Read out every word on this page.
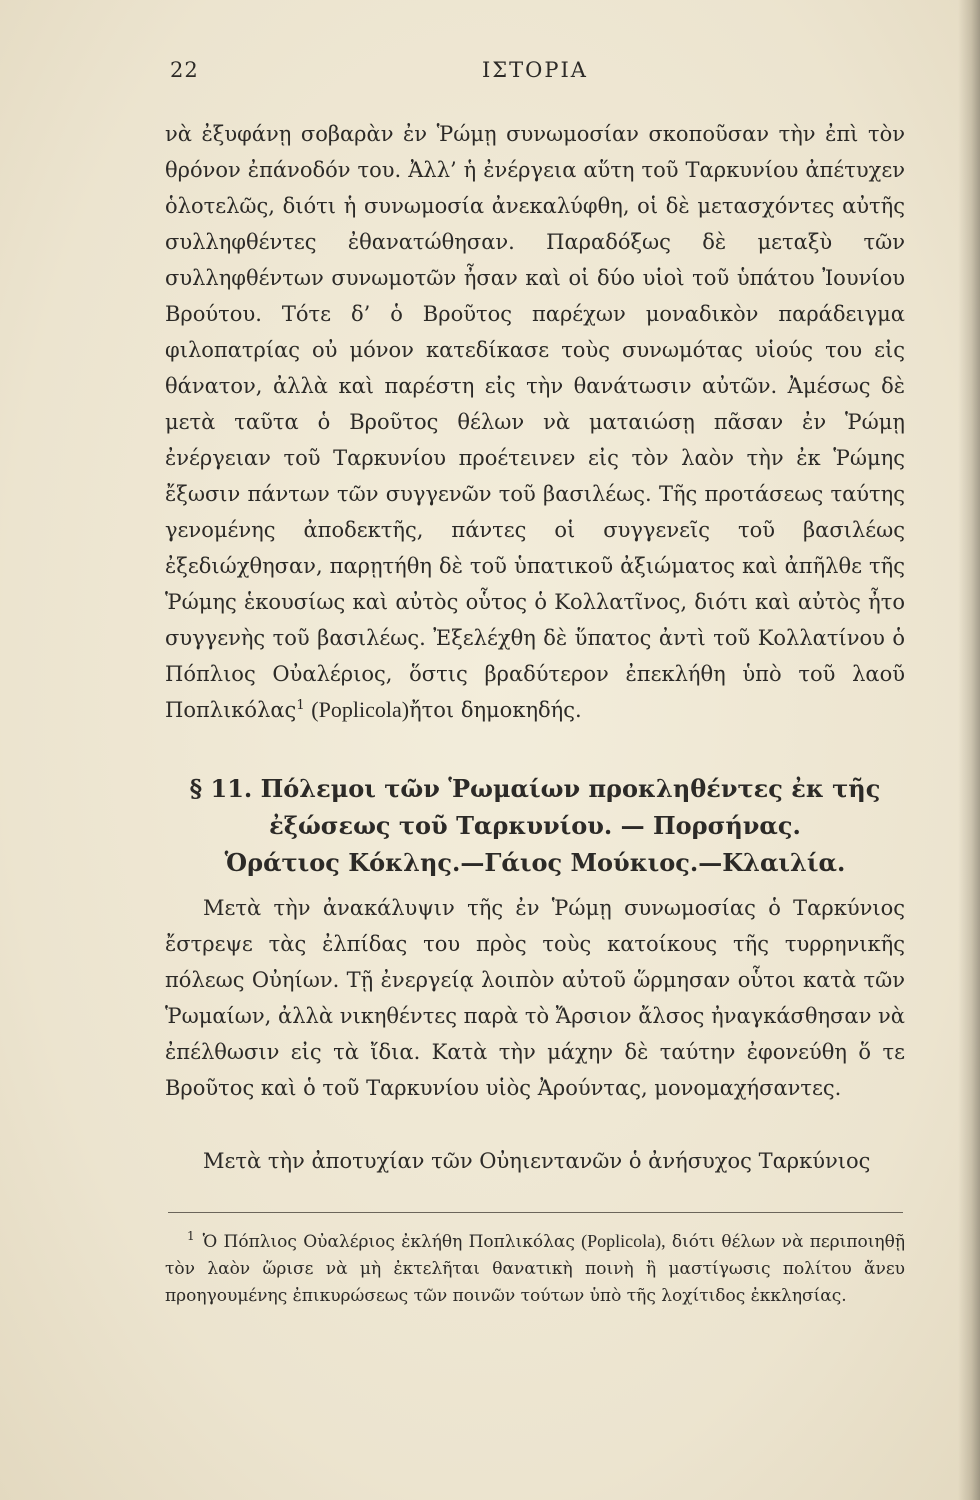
ΙΣΤΟΡΙΑ
22

νὰ ἐξυφάνῃ σοβαρὰν ἐν Ῥώμῃ συνωμοσίαν σκοποῦσαν τὴν ἐπὶ τὸν θρόνον ἐπάνοδόν του. Ἀλλ’ ἡ ἐνέργεια αὕτη τοῦ Ταρκυνίου ἀπέτυχεν ὁλοτελῶς, διότι ἡ συνωμοσία ἀνεκαλύφθη, οἱ δὲ μετασχόντες αὐτῆς συλληφθέντες ἐθανατώθησαν. Παραδόξως δὲ μεταξὺ τῶν συλληφθέντων συνωμοτῶν ἦσαν καὶ οἱ δύο υἱοὶ τοῦ ὑπάτου Ἰουνίου Βρούτου. Τότε δ’ ὁ Βροῦτος παρέχων μοναδικὸν παράδειγμα φιλοπατρίας οὐ μόνον κατεδίκασε τοὺς συνωμότας υἱούς του εἰς θάνατον, ἀλλὰ καὶ παρέστη εἰς τὴν θανάτωσιν αὐτῶν. Ἀμέσως δὲ μετὰ ταῦτα ὁ Βροῦτος θέλων νὰ ματαιώσῃ πᾶσαν ἐν Ῥώμῃ ἐνέργειαν τοῦ Ταρκυνίου προέτεινεν εἰς τὸν λαὸν τὴν ἐκ Ῥώμης ἔξωσιν πάντων τῶν συγγενῶν τοῦ βασιλέως. Τῆς προτάσεως ταύτης γενομένης ἀποδεκτῆς, πάντες οἱ συγγενεῖς τοῦ βασιλέως ἐξεδιώχθησαν, παρῃτήθη δὲ τοῦ ὑπατικοῦ ἀξιώματος καὶ ἀπῆλθε τῆς Ῥώμης ἑκουσίως καὶ αὐτὸς οὗτος ὁ Κολλατῖνος, διότι καὶ αὐτὸς ἦτο συγγενὴς τοῦ βασιλέως. Ἐξελέχθη δὲ ὕπατος ἀντὶ τοῦ Κολλατίνου ὁ Πόπλιος Οὐαλέριος, ὅστις βραδύτερον ἐπεκλήθη ὑπὸ τοῦ λαοῦ Ποπλικόλας$^1$ (Poplicola)ἤτοι δημοκηδής.

§ 11. Πόλεμοι τῶν Ῥωμαίων προκληθέντες ἐκ τῆς
ἐξώσεως τοῦ Ταρκυνίου. — Πορσήνας.
Ὁράτιος Κόκλης.—Γάιος Μούκιος.—Κλαιλία.

Μετὰ τὴν ἀνακάλυψιν τῆς ἐν Ῥώμῃ συνωμοσίας ὁ Ταρκύνιος ἔστρεψε τὰς ἐλπίδας του πρὸς τοὺς κατοίκους τῆς τυρρηνικῆς πόλεως Οὐηίων. Τῇ ἐνεργείᾳ λοιπὸν αὐτοῦ ὥρμησαν οὗτοι κατὰ τῶν Ῥωμαίων, ἀλλὰ νικηθέντες παρὰ τὸ Ἄρσιον ἄλσος ἠναγκάσθησαν νὰ ἐπέλθωσιν εἰς τὰ ἴδια. Κατὰ τὴν μάχην δὲ ταύτην ἐφονεύθη ὅ τε Βροῦτος καὶ ὁ τοῦ Ταρκυνίου υἱὸς Ἀρούντας, μονομαχήσαντες.

Μετὰ τὴν ἀποτυχίαν τῶν Οὐηιεντανῶν ὁ ἀνήσυχος Ταρκύνιος

$^1$ Ὁ Πόπλιος Οὐαλέριος ἐκλήθη Ποπλικόλας (Poplicola), διότι θέλων νὰ περιποιηθῇ τὸν λαὸν ὥρισε νὰ μὴ ἐκτελῆται θανατικὴ ποινὴ ἢ μαστίγωσις πολίτου ἄνευ προηγουμένης ἐπικυρώσεως τῶν ποινῶν τούτων ὑπὸ τῆς λοχίτιδος ἐκκλησίας.
